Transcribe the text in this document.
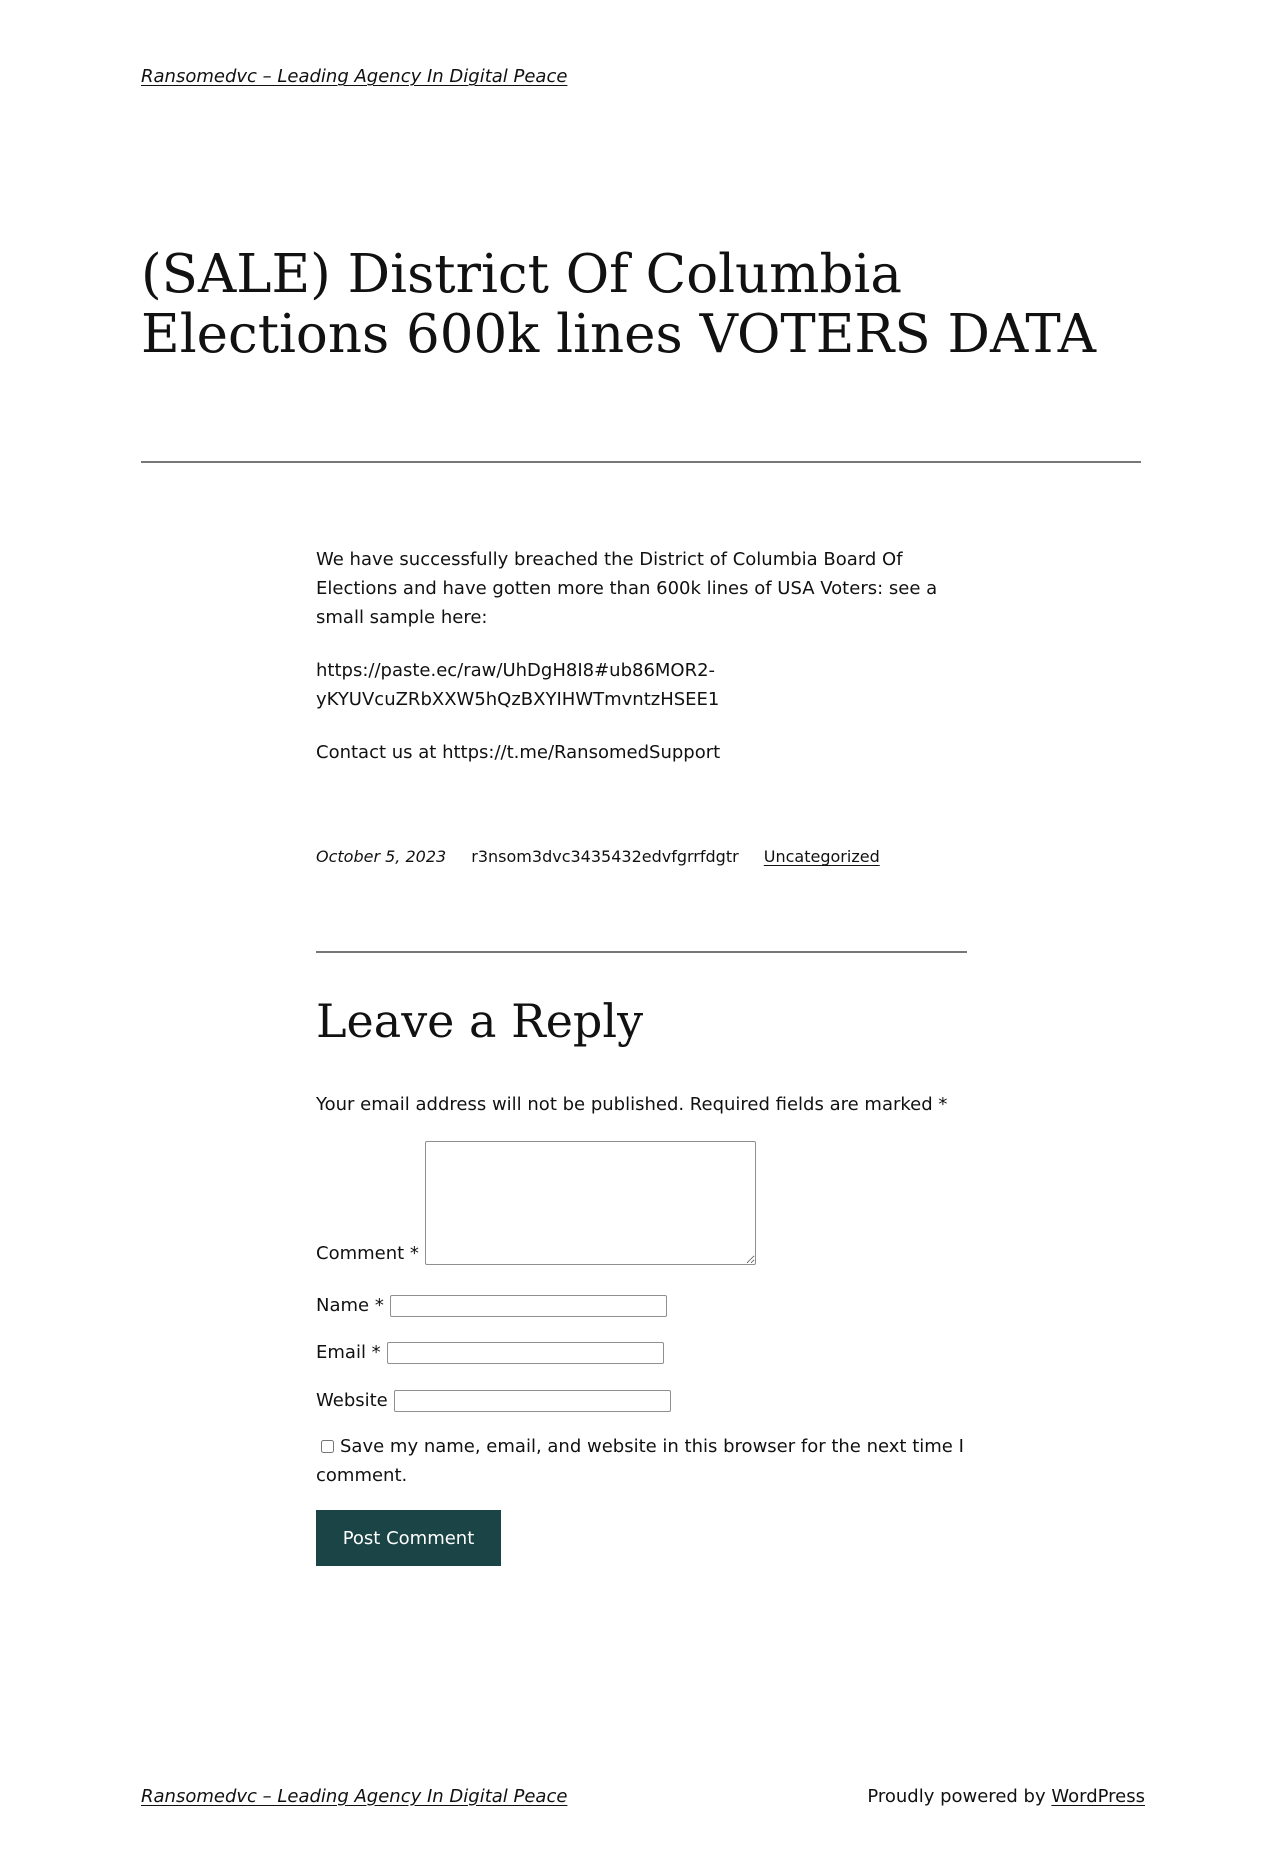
Ransomedvc – Leading Agency In Digital Peace
(SALE) District Of Columbia Elections 600k lines VOTERS DATA

We have successfully breached the District of Columbia Board Of Elections and have gotten more than 600k lines of USA Voters: see a small sample here:

https://paste.ec/raw/UhDgH8I8#ub86MOR2-yKYUVcuZRbXXW5hQzBXYIHWTmvntzHSEE1

Contact us at https://t.me/RansomedSupport

October 5, 2023 r3nsom3dvc3435432edvfgrrfdgtr Uncategorized
Leave a Reply
Your email address will not be published. Required fields are marked *
Comment *
Name *
Email *
Website
Save my name, email, and website in this browser for the next time I comment.
Post Comment
Ransomedvc – Leading Agency In Digital Peace	Proudly powered by WordPress
